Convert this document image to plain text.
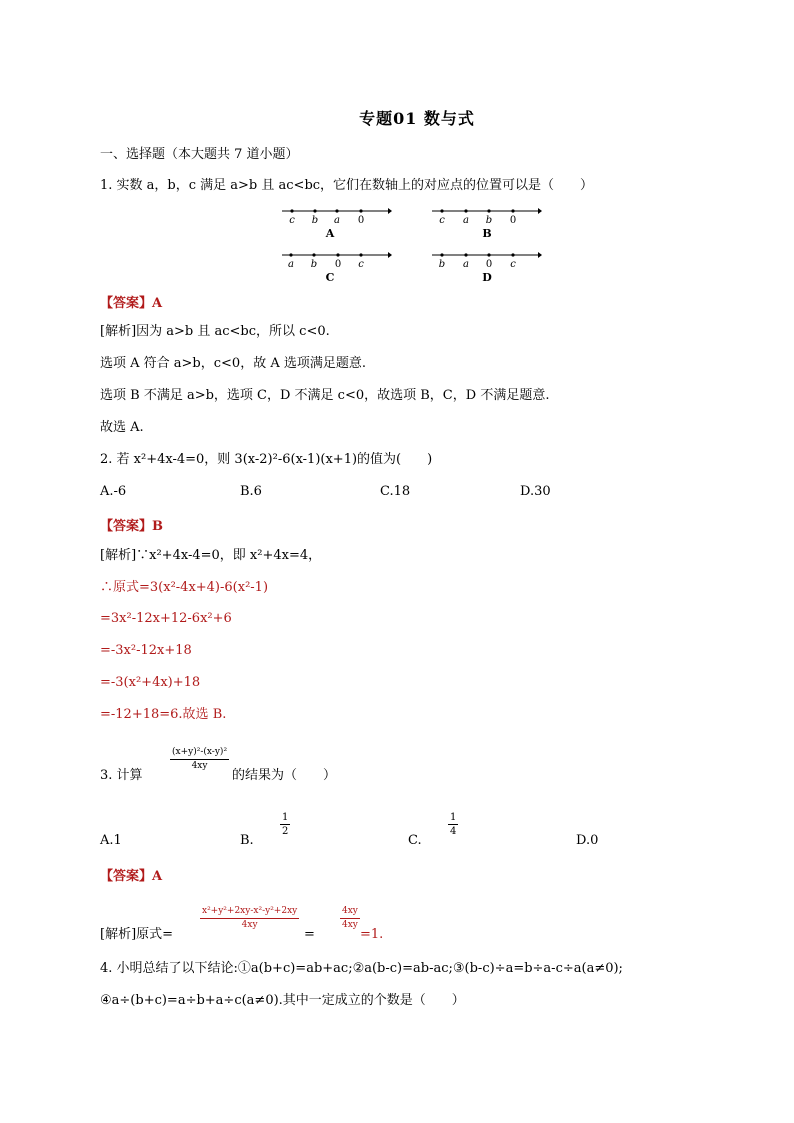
专题01 数与式
一、选择题（本大题共 7 道小题）
1. 实数 a，b，c 满足 a>b 且 ac<bc，它们在数轴上的对应点的位置可以是（　　）
c b a 0
A
c a b 0
B
a b 0 c
C
b a 0 c
D
【答案】A
[解析]因为 a>b 且 ac<bc，所以 c<0.
选项 A 符合 a>b，c<0，故 A 选项满足题意.
选项 B 不满足 a>b，选项 C，D 不满足 c<0，故选项 B，C，D 不满足题意.
故选 A.
2. 若 x²+4x-4=0，则 3(x-2)²-6(x-1)(x+1)的值为(　　)
A.-6	B.6	C.18	D.30
【答案】B
[解析]∵x²+4x-4=0，即 x²+4x=4，
∴原式=3(x²-4x+4)-6(x²-1)
=3x²-12x+12-6x²+6
=-3x²-12x+18
=-3(x²+4x)+18
=-12+18=6.故选 B.
3. 计算
$\frac{\text{(x+y)²-(x-y)²}}{4xy}$
的结果为（　　）
A.1	B.
$\frac{1}{2}$
C.
$\frac{1}{4}$
D.0
【答案】A
[解析]原式=
$\frac{\text{x²+y²+2xy-x²-y²+2xy}}{4xy}$
=
$\frac{4xy}{4xy}$
=1.
4. 小明总结了以下结论:①a(b+c)=ab+ac;②a(b-c)=ab-ac;③(b-c)÷a=b÷a-c÷a(a≠0);
④a÷(b+c)=a÷b+a÷c(a≠0).其中一定成立的个数是（　　）
